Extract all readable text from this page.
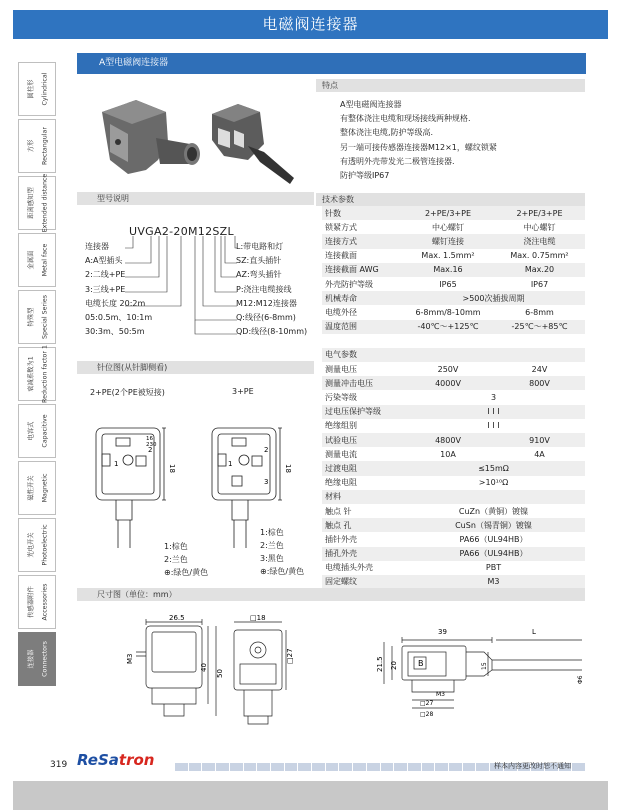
电磁阀连接器
A型电磁阀连接器
圆柱形 Cylindrical
方形 Rectangular
距离感知型 Extended distance
金属面 Metal face
特殊型 Special Series
衰减系数为1 Reduction factor 1
电容式 Capacitive
磁性开关 Magnetic
光电开关 Photoelectric
传感器附件 Accessories
连接器 Connectors
特点
A型电磁阀连接器
有整体浇注电缆和现场接线两种规格.
整体浇注电缆,防护等级高.
另一端可接传感器连接器M12×1，螺纹锁紧
有透明外壳带发光二极管连接器.
防护等级IP67
型号说明
UVGA2-20M12SZL
连接器
A:A型插头
2:二线+PE
3:三线+PE
电缆长度 20:2m
05:0.5m、10:1m
30:3m、50:5m
L:带电路和灯
SZ:直头插针
AZ:弯头插针
P:浇注电缆接线
M12:M12连接器
Q:线径(6-8mm)
QD:线径(8-10mm)
技术参数
针数	2+PE/3+PE	2+PE/3+PE
锁紧方式	中心螺钉	中心螺钉
连接方式	螺钉连接	浇注电缆
连接截面	Max. 1.5mm²	Max. 0.75mm²
连接截面 AWG	Max.16	Max.20
外壳防护等级	IP65	IP67
机械寿命	>500次插拔周期	
电缆外径	6-8mm/8-10mm	6-8mm
温度范围	-40℃～+125℃	-25℃～+85℃

电气参数		
测量电压	250V	24V
测量冲击电压	4000V	800V
污染等级	3	
过电压保护等级	I I I	
绝缘组别	I I I	
试验电压	4800V	910V
测量电流	10A	4A
过渡电阻	≤15mΩ	
绝缘电阻	>10¹⁰Ω	
材料		
触点 针	CuZn（黄铜）镀镍	
触点 孔	CuSn（锡青铜）镀镍	
插针外壳	PA66（UL94HB）	
插孔外壳	PA66（UL94HB）	
电缆插头外壳	PBT	
固定螺纹	M3	
针位图(从针脚侧看)
2+PE(2个PE被短接)	3+PE
1
2
1
2
3
16
230
18	18
1:棕色
2:兰色
⊕:绿色/黄色
1:棕色
2:兰色
3:黑色
⊕:绿色/黄色
尺寸图（单位：mm）
26.5
M3
40
50
□18
□27
39	L
21.5 20	15
Φ6
B
M3
□27
□28
319 ReSatron	样本内容更改时恕不通知
